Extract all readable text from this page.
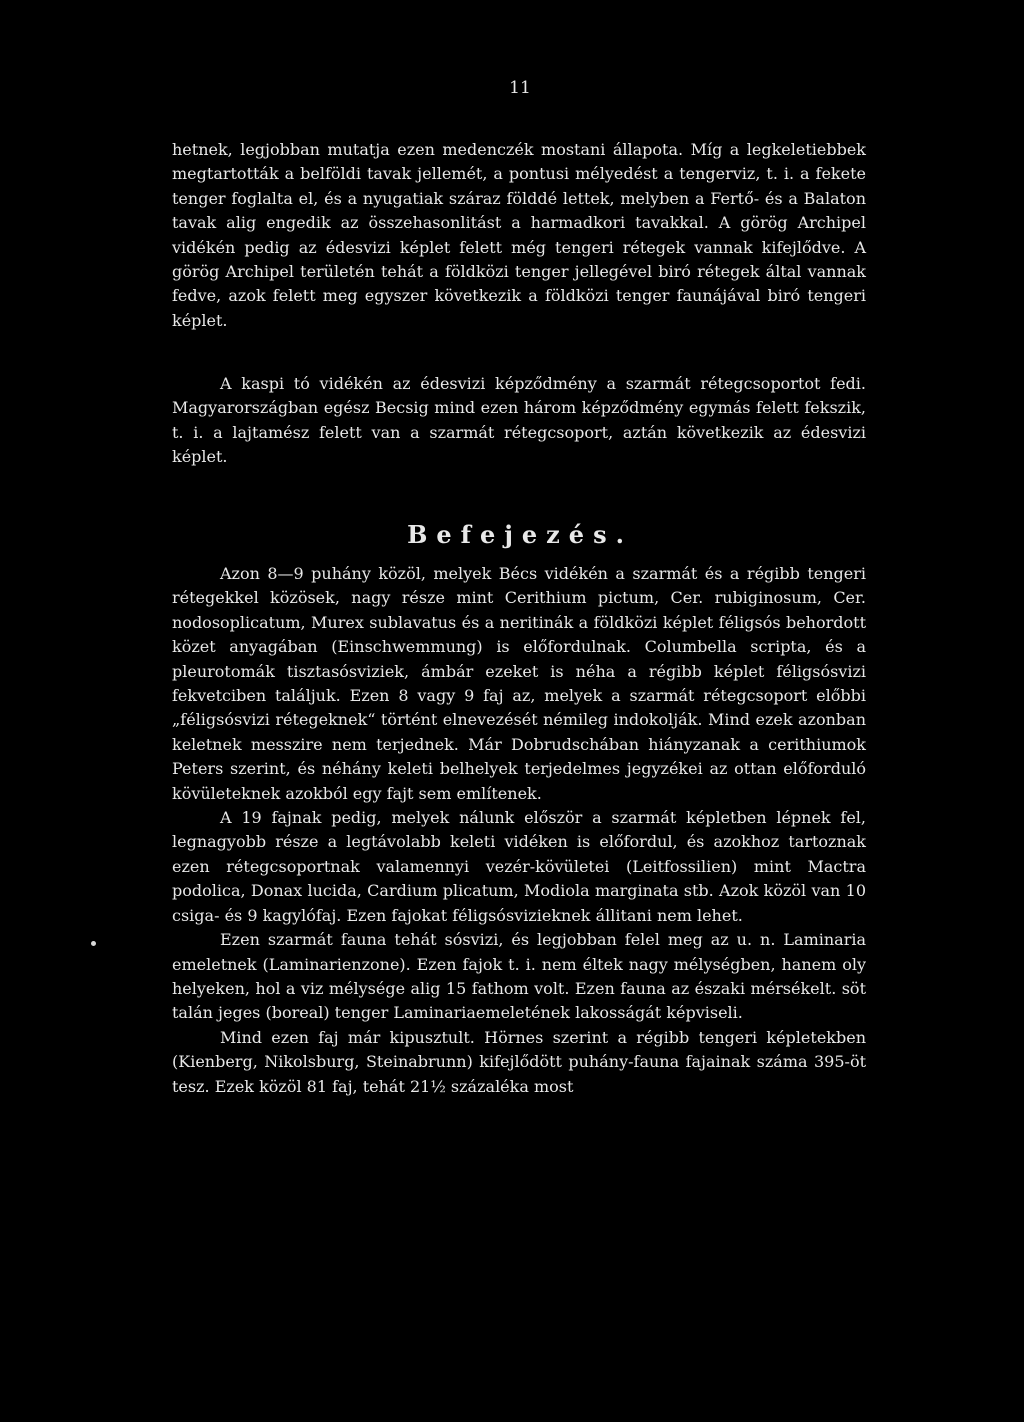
11

hetnek, legjobban mutatja ezen medenczék mostani állapota. Míg a legkeletiebbek megtartották a belföldi tavak jellemét, a pontusi mélyedést a tengerviz, t. i. a fekete tenger foglalta el, és a nyugatiak száraz földdé lettek, melyben a Fertő- és a Balaton tavak alig engedik az összehasonlitást a harmadkori tavakkal. A görög Archipel vidékén pedig az édesvizi képlet felett még tengeri rétegek vannak kifejlődve. A görög Archipel területén tehát a földközi tenger jellegével biró rétegek által vannak fedve, azok felett meg egyszer következik a földközi tenger faunájával biró tengeri képlet.

A kaspi tó vidékén az édesvizi képződmény a szarmát rétegcsoportot fedi. Magyarországban egész Becsig mind ezen három képződmény egymás felett fekszik, t. i. a lajtamész felett van a szarmát rétegcsoport, aztán következik az édesvizi képlet.

Befejezés.

Azon 8—9 puhány közöl, melyek Bécs vidékén a szarmát és a régibb tengeri rétegekkel közösek, nagy része mint Cerithium pictum, Cer. rubiginosum, Cer. nodosoplicatum, Murex sublavatus és a neritinák a földközi képlet féligsós behordott közet anyagában (Einschwemmung) is előfordulnak. Columbella scripta, és a pleurotomák tisztasósviziek, ámbár ezeket is néha a régibb képlet féligsósvizi fekvetciben találjuk. Ezen 8 vagy 9 faj az, melyek a szarmát rétegcsoport előbbi „féligsósvizi rétegeknek“ történt elnevezését némileg indokolják. Mind ezek azonban keletnek messzire nem terjednek. Már Dobrudschában hiányzanak a cerithiumok Peters szerint, és néhány keleti belhelyek terjedelmes jegyzékei az ottan előforduló kövületeknek azokból egy fajt sem említenek.

A 19 fajnak pedig, melyek nálunk először a szarmát képletben lépnek fel, legnagyobb része a legtávolabb keleti vidéken is előfordul, és azokhoz tartoznak ezen rétegcsoportnak valamennyi vezér-kövületei (Leitfossilien) mint Mactra podolica, Donax lucida, Cardium plicatum, Modiola marginata stb. Azok közöl van 10 csiga- és 9 kagylófaj. Ezen fajokat féligsósviziеknek állitani nem lehet.

Ezen szarmát fauna tehát sósvizi, és legjobban felel meg az u. n. Laminaria emeletnek (Laminarienzone). Ezen fajok t. i. nem éltek nagy mélységben, hanem oly helyeken, hol a viz mélysége alig 15 fathom volt. Ezen fauna az északi mérsékelt. söt talán jeges (boreal) tenger Laminariaemeletének lakosságát képviseli.

Mind ezen faj már kipusztult. Hörnes szerint a régibb tengeri képletekben (Kienberg, Nikolsburg, Steinabrunn) kifejlődött puhány-fauna fajainak száma 395-öt tesz. Ezek közöl 81 faj, tehát 21½ százaléka most
